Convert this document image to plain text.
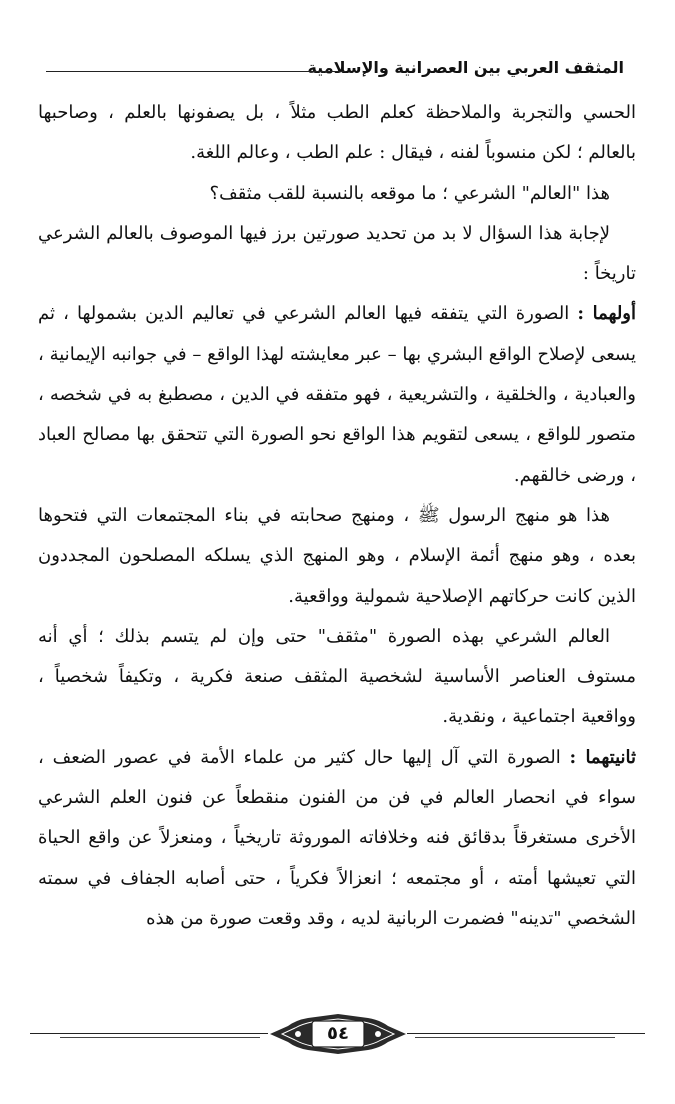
المثقف العربي بين العصرانية والإسلامية

الحسي والتجربة والملاحظة كعلم الطب مثلاً ، بل يصفونها بالعلم ، وصاحبها بالعالم ؛ لكن منسوباً لفنه ، فيقال : علم الطب ، وعالم اللغة.

هذا "العالم" الشرعي ؛ ما موقعه بالنسبة للقب مثقف؟

لإجابة هذا السؤال لا بد من تحديد صورتين برز فيها الموصوف بالعالم الشرعي تاريخاً :

أولهما : الصورة التي يتفقه فيها العالم الشرعي في تعاليم الدين بشمولها ، ثم يسعى لإصلاح الواقع البشري بها – عبر معايشته لهذا الواقع – في جوانبه الإيمانية ، والعبادية ، والخلقية ، والتشريعية ، فهو متفقه في الدين ، مصطبغ به في شخصه ، متصور للواقع ، يسعى لتقويم هذا الواقع نحو الصورة التي تتحقق بها مصالح العباد ، ورضى خالقهم.

هذا هو منهج الرسول ﷺ ، ومنهج صحابته في بناء المجتمعات التي فتحوها بعده ، وهو منهج أئمة الإسلام ، وهو المنهج الذي يسلكه المصلحون المجددون الذين كانت حركاتهم الإصلاحية شمولية وواقعية.

العالم الشرعي بهذه الصورة "مثقف" حتى وإن لم يتسم بذلك ؛ أي أنه مستوف العناصر الأساسية لشخصية المثقف صنعة فكرية ، وتكيفاً شخصياً ، وواقعية اجتماعية ، ونقدية.

ثانيتهما : الصورة التي آل إليها حال كثير من علماء الأمة في عصور الضعف ، سواء في انحصار العالم في فن من الفنون منقطعاً عن فنون العلم الشرعي الأخرى مستغرقاً بدقائق فنه وخلافاته الموروثة تاريخياً ، ومنعزلاً عن واقع الحياة التي تعيشها أمته ، أو مجتمعه ؛ انعزالاً فكرياً ، حتى أصابه الجفاف في سمته الشخصي "تدينه" فضمرت الربانية لديه ، وقد وقعت صورة من هذه

٥٤
